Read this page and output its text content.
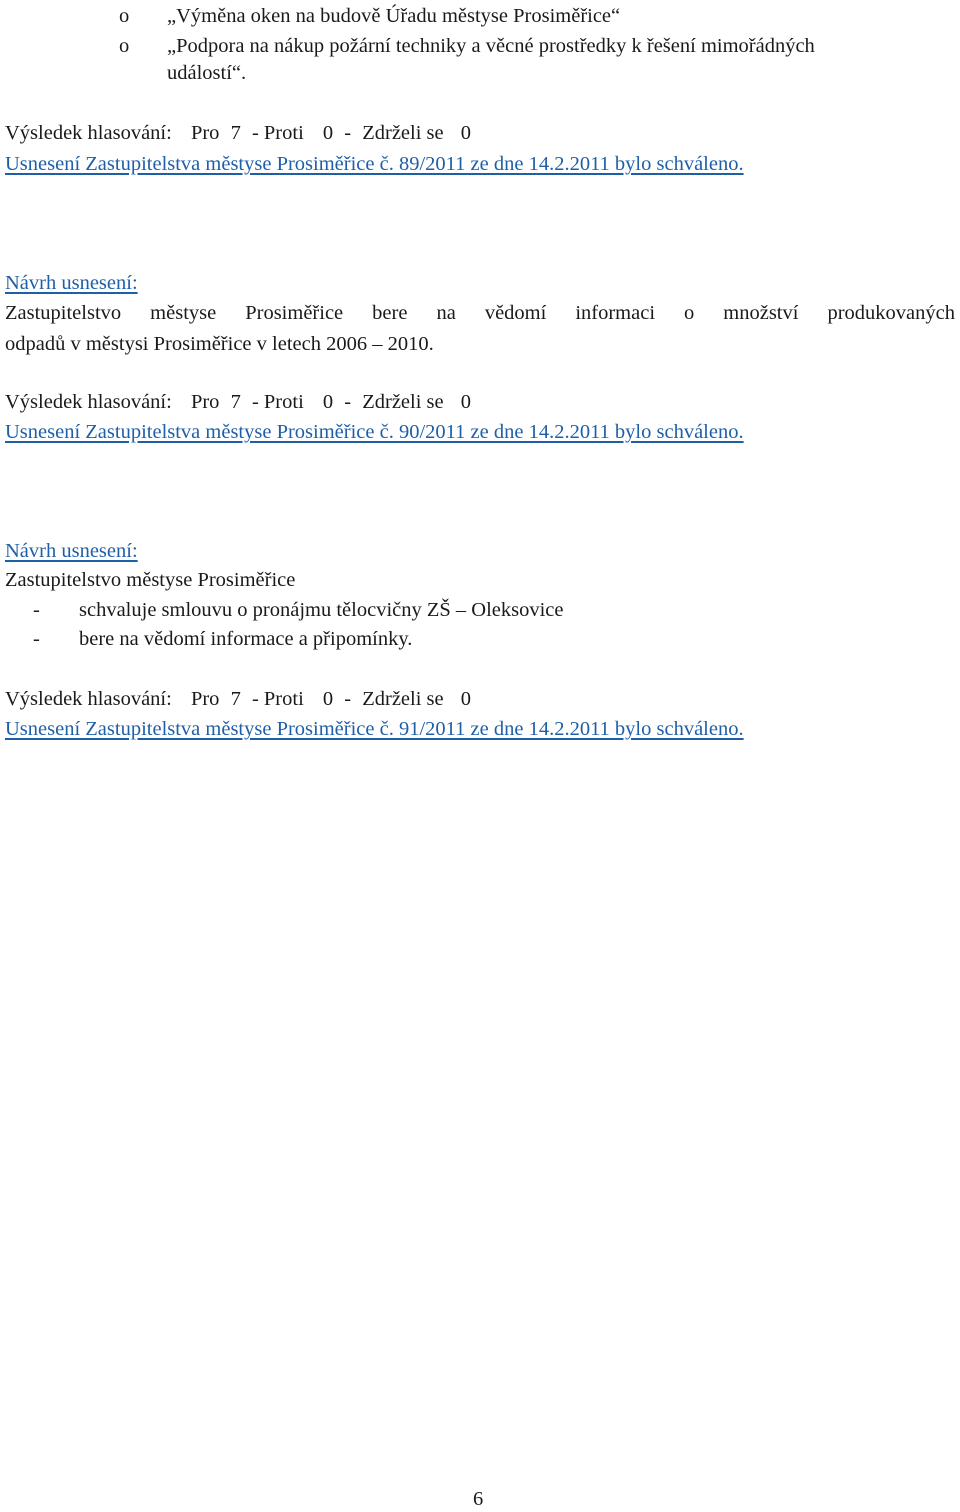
o „Výměna oken na budově Úřadu městyse Prosiměřice“
o „Podpora na nákup požární techniky a věcné prostředky k řešení mimořádných
událostí“.
Výsledek hlasování: Pro 7 - Proti 0 - Zdrželi se 0
Usnesení Zastupitelstva městyse Prosiměřice č. 89/2011 ze dne 14.2.2011 bylo schváleno.
Návrh usnesení:
Zastupitelstvo městyse Prosiměřice bere na vědomí informaci o množství produkovaných
odpadů v městysi Prosiměřice v letech 2006 – 2010.
Výsledek hlasování: Pro 7 - Proti 0 - Zdrželi se 0
Usnesení Zastupitelstva městyse Prosiměřice č. 90/2011 ze dne 14.2.2011 bylo schváleno.
Návrh usnesení:
Zastupitelstvo městyse Prosiměřice
- schvaluje smlouvu o pronájmu tělocvičny ZŠ – Oleksovice
- bere na vědomí informace a připomínky.
Výsledek hlasování: Pro 7 - Proti 0 - Zdrželi se 0
Usnesení Zastupitelstva městyse Prosiměřice č. 91/2011 ze dne 14.2.2011 bylo schváleno.
6
